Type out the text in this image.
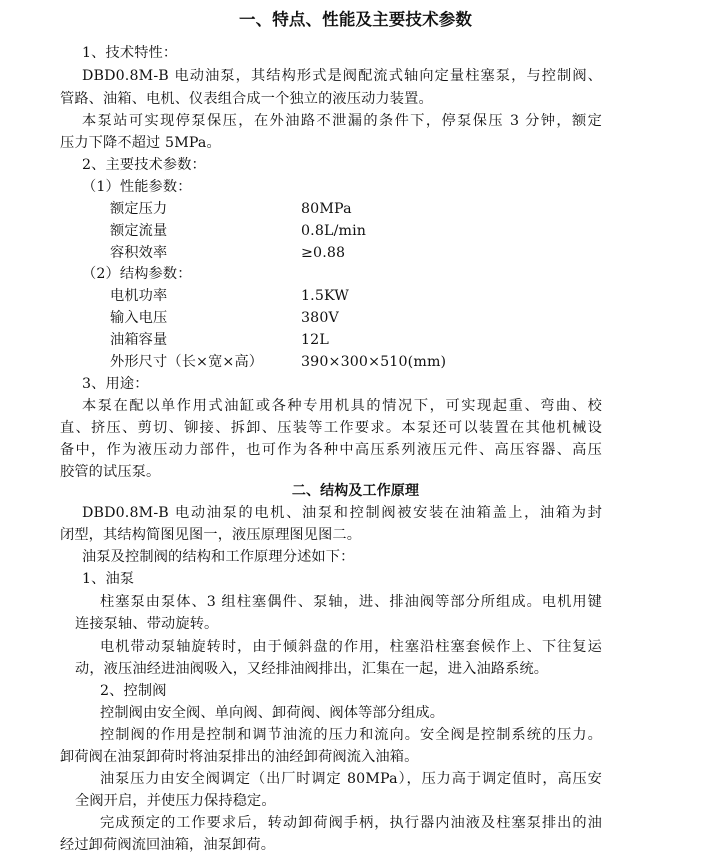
一、特点、性能及主要技术参数
1、技术特性：
DBD0.8M-B 电动油泵，其结构形式是阀配流式轴向定量柱塞泵，与控制阀、
管路、油箱、电机、仪表组合成一个独立的液压动力装置。
本泵站可实现停泵保压，在外油路不泄漏的条件下，停泵保压 3 分钟，额定
压力下降不超过 5MPa。
2、主要技术参数：
（1）性能参数：
额定压力	80MPa
额定流量	0.8L/min
容积效率	≥0.88
（2）结构参数：
电机功率	1.5KW
输入电压	380V
油箱容量	12L
外形尺寸（长×宽×高）	390×300×510(mm)
3、用途：
本泵在配以单作用式油缸或各种专用机具的情况下，可实现起重、弯曲、校
直、挤压、剪切、铆接、拆卸、压装等工作要求。本泵还可以装置在其他机械设
备中，作为液压动力部件，也可作为各种中高压系列液压元件、高压容器、高压
胶管的试压泵。
二、结构及工作原理
DBD0.8M-B 电动油泵的电机、油泵和控制阀被安装在油箱盖上，油箱为封
闭型，其结构简图见图一，液压原理图见图二。
油泵及控制阀的结构和工作原理分述如下：
1、油泵
柱塞泵由泵体、3 组柱塞偶件、泵轴，进、排油阀等部分所组成。电机用键
连接泵轴、带动旋转。
电机带动泵轴旋转时，由于倾斜盘的作用，柱塞沿柱塞套候作上、下往复运
动，液压油经进油阀吸入，又经排油阀排出，汇集在一起，进入油路系统。
2、控制阀
控制阀由安全阀、单向阀、卸荷阀、阀体等部分组成。
控制阀的作用是控制和调节油流的压力和流向。安全阀是控制系统的压力。
卸荷阀在油泵卸荷时将油泵排出的油经卸荷阀流入油箱。
油泵压力由安全阀调定（出厂时调定 80MPa），压力高于调定值时，高压安
全阀开启，并使压力保持稳定。
完成预定的工作要求后，转动卸荷阀手柄，执行器内油液及柱塞泵排出的油
经过卸荷阀流回油箱，油泵卸荷。
